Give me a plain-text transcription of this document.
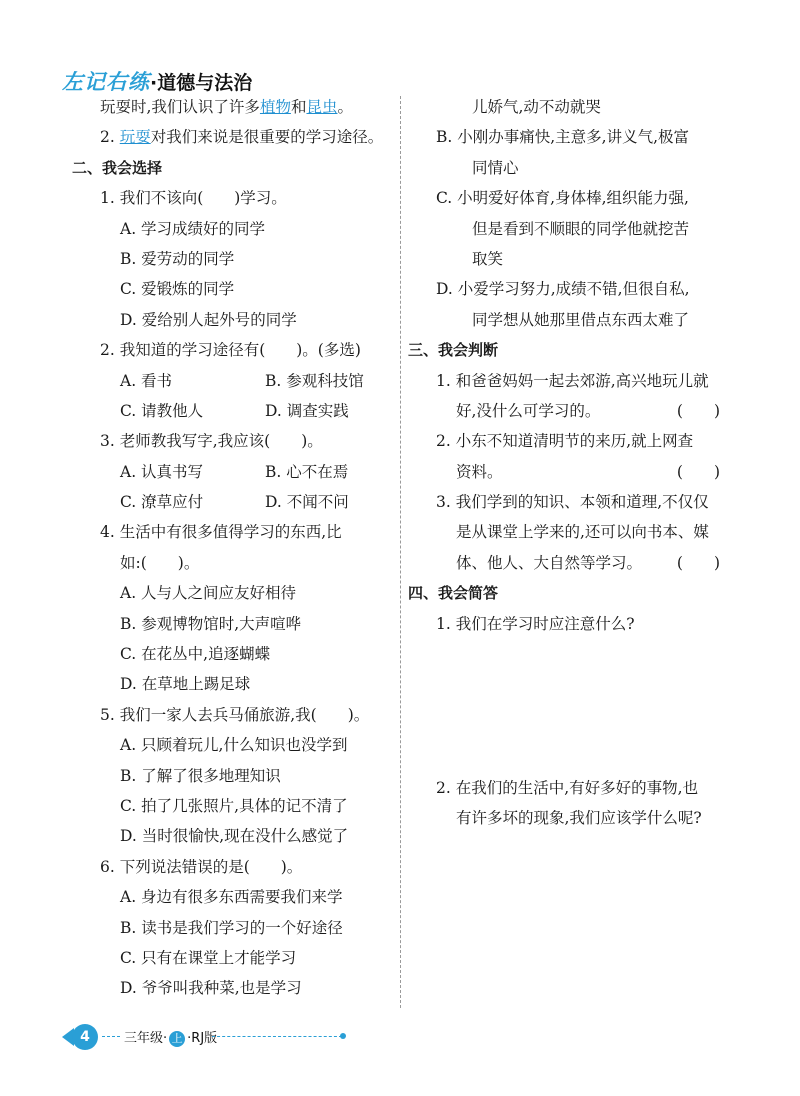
左记右练 ·道德与法治
玩耍时,我们认识了许多植物和昆虫。
2. 玩耍对我们来说是很重要的学习途径。
二、我会选择
1. 我们不该向(　　)学习。
A. 学习成绩好的同学
B. 爱劳动的同学
C. 爱锻炼的同学
D. 爱给别人起外号的同学
2. 我知道的学习途径有(　　)。(多选)
A. 看书	B. 参观科技馆
C. 请教他人	D. 调查实践
3. 老师教我写字,我应该(　　)。
A. 认真书写	B. 心不在焉
C. 潦草应付	D. 不闻不问
4. 生活中有很多值得学习的东西,比
如:(　　)。
A. 人与人之间应友好相待
B. 参观博物馆时,大声喧哗
C. 在花丛中,追逐蝴蝶
D. 在草地上踢足球
5. 我们一家人去兵马俑旅游,我(　　)。
A. 只顾着玩儿,什么知识也没学到
B. 了解了很多地理知识
C. 拍了几张照片,具体的记不清了
D. 当时很愉快,现在没什么感觉了
6. 下列说法错误的是(　　)。
A. 身边有很多东西需要我们来学
B. 读书是我们学习的一个好途径
C. 只有在课堂上才能学习
D. 爷爷叫我种菜,也是学习
儿娇气,动不动就哭
B. 小刚办事痛快,主意多,讲义气,极富
同情心
C. 小明爱好体育,身体棒,组织能力强,
但是看到不顺眼的同学他就挖苦
取笑
D. 小爱学习努力,成绩不错,但很自私,
同学想从她那里借点东西太难了
三、我会判断
1. 和爸爸妈妈一起去郊游,高兴地玩儿就
好,没什么可学习的。	(　　)
2. 小东不知道清明节的来历,就上网查
资料。	(　　)
3. 我们学到的知识、本领和道理,不仅仅
是从课堂上学来的,还可以向书本、媒
体、他人、大自然等学习。 (　　)
四、我会简答
1. 我们在学习时应注意什么?
2. 在我们的生活中,有好多好的事物,也
有许多坏的现象,我们应该学什么呢?
4	三年级· 上 ·RJ版
